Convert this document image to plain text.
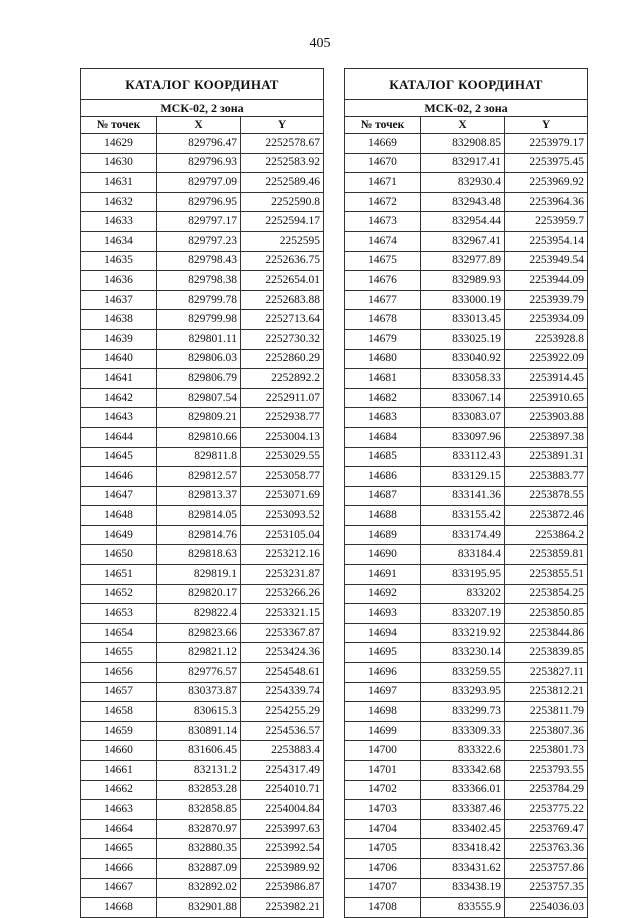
405
КАТАЛОГ КООРДИНАТ		
МСК-02, 2 зона		
№ точек	X	Y
14629	829796.47	2252578.67
14630	829796.93	2252583.92
14631	829797.09	2252589.46
14632	829796.95	2252590.8
14633	829797.17	2252594.17
14634	829797.23	2252595
14635	829798.43	2252636.75
14636	829798.38	2252654.01
14637	829799.78	2252683.88
14638	829799.98	2252713.64
14639	829801.11	2252730.32
14640	829806.03	2252860.29
14641	829806.79	2252892.2
14642	829807.54	2252911.07
14643	829809.21	2252938.77
14644	829810.66	2253004.13
14645	829811.8	2253029.55
14646	829812.57	2253058.77
14647	829813.37	2253071.69
14648	829814.05	2253093.52
14649	829814.76	2253105.04
14650	829818.63	2253212.16
14651	829819.1	2253231.87
14652	829820.17	2253266.26
14653	829822.4	2253321.15
14654	829823.66	2253367.87
14655	829821.12	2253424.36
14656	829776.57	2254548.61
14657	830373.87	2254339.74
14658	830615.3	2254255.29
14659	830891.14	2254536.57
14660	831606.45	2253883.4
14661	832131.2	2254317.49
14662	832853.28	2254010.71
14663	832858.85	2254004.84
14664	832870.97	2253997.63
14665	832880.35	2253992.54
14666	832887.09	2253989.92
14667	832892.02	2253986.87
14668	832901.88	2253982.21
КАТАЛОГ КООРДИНАТ		
МСК-02, 2 зона		
№ точек	X	Y
14669	832908.85	2253979.17
14670	832917.41	2253975.45
14671	832930.4	2253969.92
14672	832943.48	2253964.36
14673	832954.44	2253959.7
14674	832967.41	2253954.14
14675	832977.89	2253949.54
14676	832989.93	2253944.09
14677	833000.19	2253939.79
14678	833013.45	2253934.09
14679	833025.19	2253928.8
14680	833040.92	2253922.09
14681	833058.33	2253914.45
14682	833067.14	2253910.65
14683	833083.07	2253903.88
14684	833097.96	2253897.38
14685	833112.43	2253891.31
14686	833129.15	2253883.77
14687	833141.36	2253878.55
14688	833155.42	2253872.46
14689	833174.49	2253864.2
14690	833184.4	2253859.81
14691	833195.95	2253855.51
14692	833202	2253854.25
14693	833207.19	2253850.85
14694	833219.92	2253844.86
14695	833230.14	2253839.85
14696	833259.55	2253827.11
14697	833293.95	2253812.21
14698	833299.73	2253811.79
14699	833309.33	2253807.36
14700	833322.6	2253801.73
14701	833342.68	2253793.55
14702	833366.01	2253784.29
14703	833387.46	2253775.22
14704	833402.45	2253769.47
14705	833418.42	2253763.36
14706	833431.62	2253757.86
14707	833438.19	2253757.35
14708	833555.9	2254036.03
